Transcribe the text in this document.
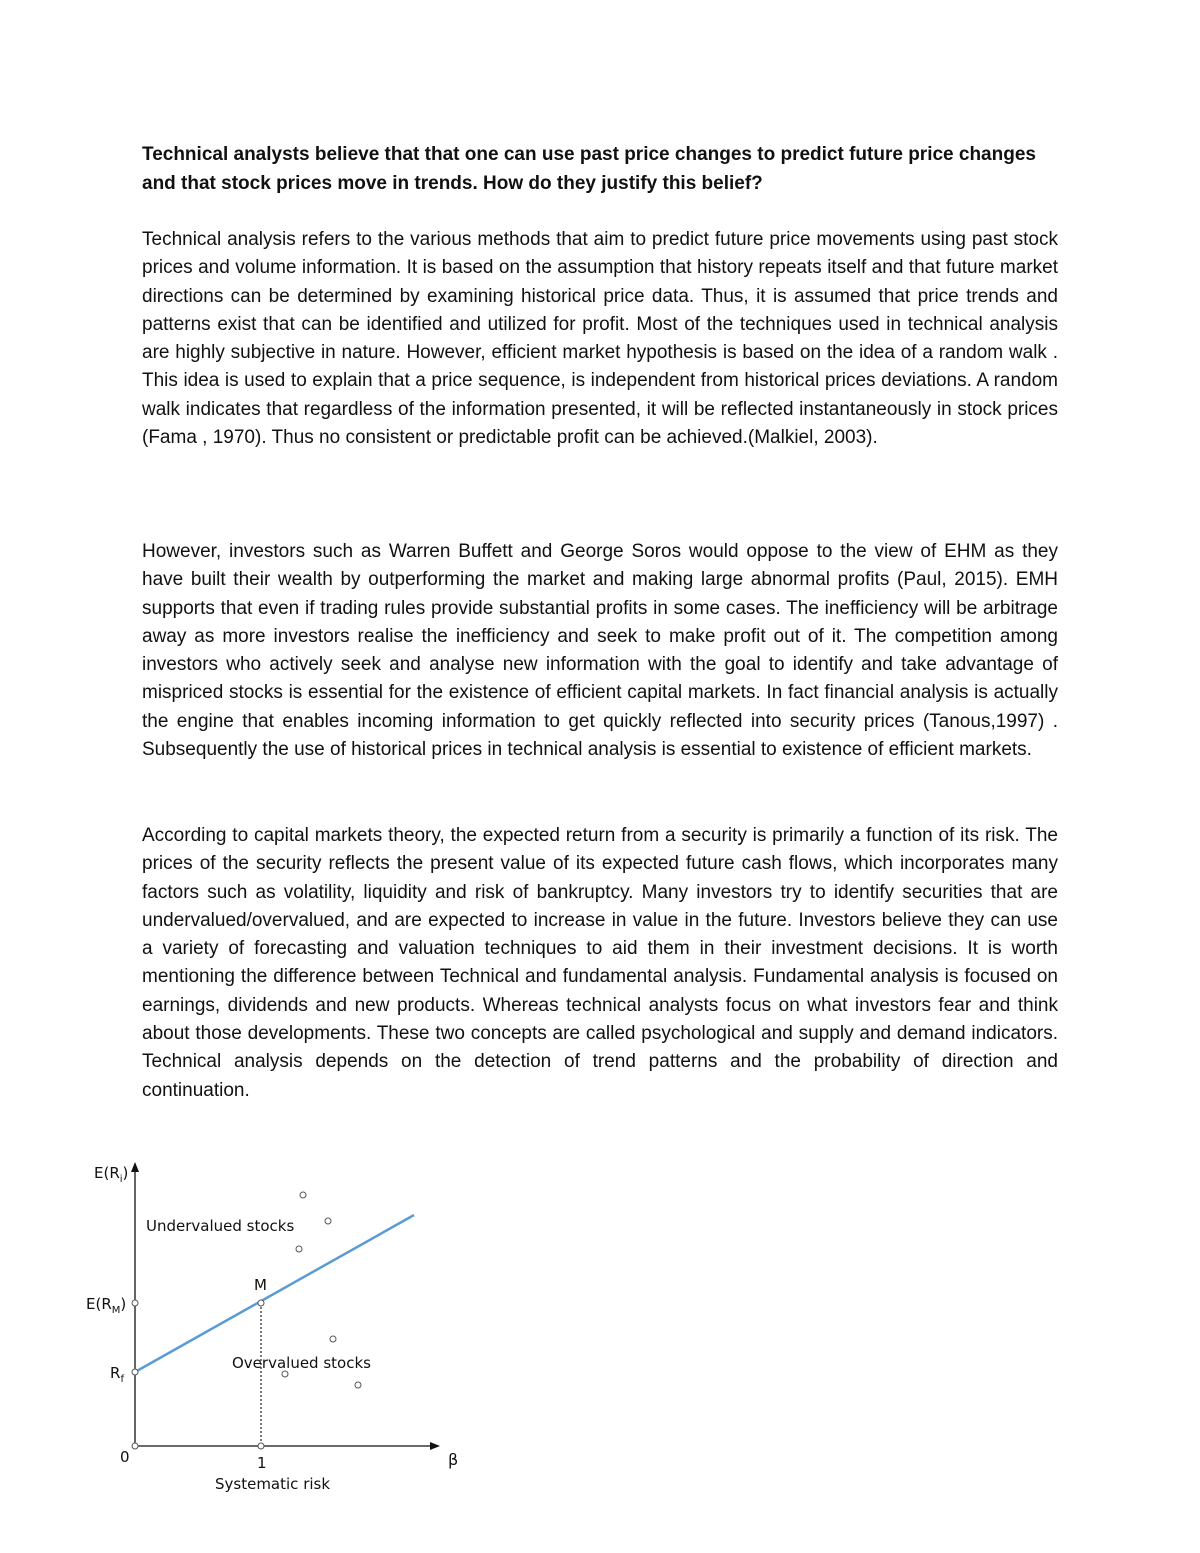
Technical analysts believe that that one can use past price changes to predict future price changes and that stock prices move in trends. How do they justify this belief?

Technical analysis refers to the various methods that aim to predict future price movements using past stock prices and volume information. It is based on the assumption that history repeats itself and that future market directions can be determined by examining historical price data. Thus, it is assumed that price trends and patterns exist that can be identified and utilized for profit. Most of the techniques used in technical analysis are highly subjective in nature. However, efficient market hypothesis is based on the idea of a random walk . This idea is used to explain that a price sequence, is independent from historical prices deviations. A random walk indicates that regardless of the information presented, it will be reflected instantaneously in stock prices (Fama , 1970). Thus no consistent or predictable profit can be achieved.(Malkiel, 2003).

However, investors such as Warren Buffett and George Soros would oppose to the view of EHM as they have built their wealth by outperforming the market and making large abnormal profits (Paul, 2015). EMH supports that even if trading rules provide substantial profits in some cases. The inefficiency will be arbitrage away as more investors realise the inefficiency and seek to make profit out of it. The competition among investors who actively seek and analyse new information with the goal to identify and take advantage of mispriced stocks is essential for the existence of efficient capital markets. In fact financial analysis is actually the engine that enables incoming information to get quickly reflected into security prices (Tanous,1997) . Subsequently the use of historical prices in technical analysis is essential to existence of efficient markets.

According to capital markets theory, the expected return from a security is primarily a function of its risk. The prices of the security reflects the present value of its expected future cash flows, which incorporates many factors such as volatility, liquidity and risk of bankruptcy. Many investors try to identify securities that are undervalued/overvalued, and are expected to increase in value in the future. Investors believe they can use a variety of forecasting and valuation techniques to aid them in their investment decisions. It is worth mentioning the difference between Technical and fundamental analysis. Fundamental analysis is focused on earnings, dividends and new products. Whereas technical analysts focus on what investors fear and think about those developments. These two concepts are called psychological and supply and demand indicators. Technical analysis depends on the detection of trend patterns and the probability of direction and continuation.

$E(R_i)$
$E(R_M)$
$R_f$
0	1	β
Systematic risk
M
Undervalued stocks
Overvalued stocks
